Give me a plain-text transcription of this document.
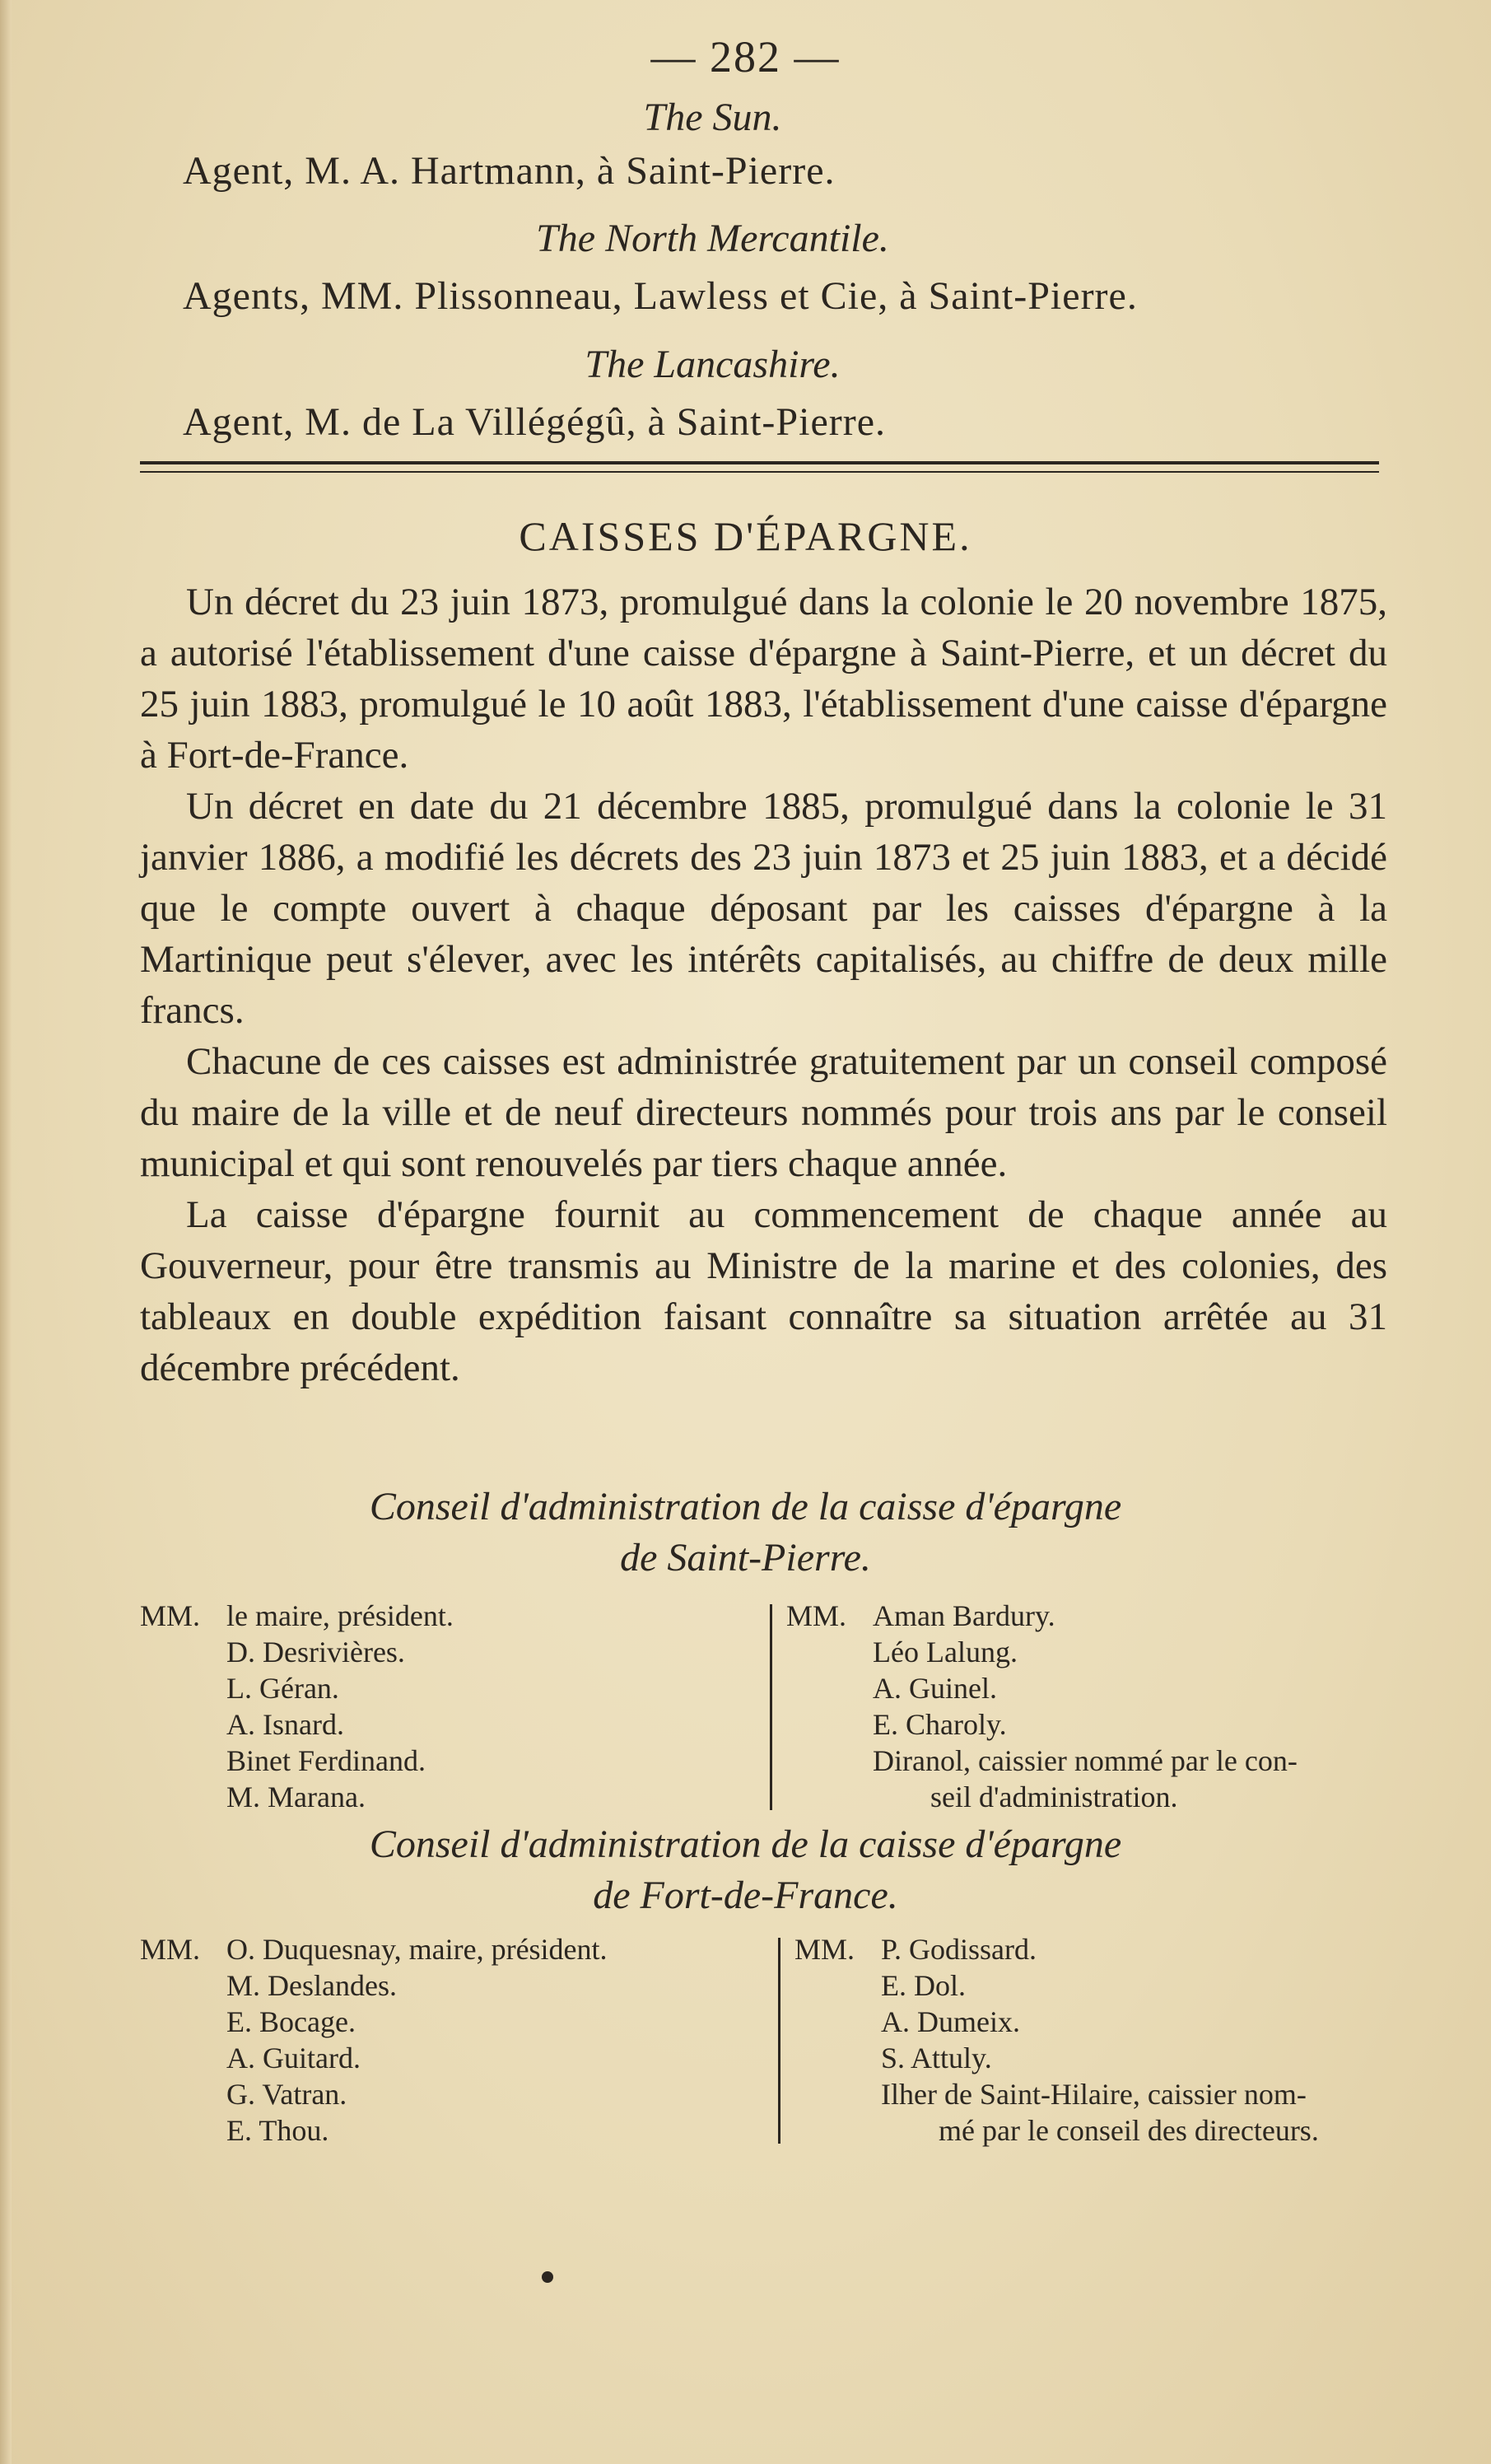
— 282 —
The Sun.
Agent, M. A. Hartmann, à Saint-Pierre.
The North Mercantile.
Agents, MM. Plissonneau, Lawless et Cie, à Saint-Pierre.
The Lancashire.
Agent, M. de La Villégégû, à Saint-Pierre.
CAISSES D'ÉPARGNE.

Un décret du 23 juin 1873, promulgué dans la colonie le 20 novembre 1875, a autorisé l'établissement d'une caisse d'épargne à Saint-Pierre, et un décret du 25 juin 1883, promulgué le 10 août 1883, l'établissement d'une caisse d'épargne à Fort-de-France.

Un décret en date du 21 décembre 1885, promulgué dans la colonie le 31 janvier 1886, a modifié les décrets des 23 juin 1873 et 25 juin 1883, et a décidé que le compte ouvert à chaque déposant par les caisses d'épargne à la Martinique peut s'élever, avec les intérêts capitalisés, au chiffre de deux mille francs.

Chacune de ces caisses est administrée gratuitement par un conseil composé du maire de la ville et de neuf directeurs nommés pour trois ans par le conseil municipal et qui sont renouvelés par tiers chaque année.

La caisse d'épargne fournit au commencement de chaque année au Gouverneur, pour être transmis au Ministre de la marine et des colonies, des tableaux en double expédition faisant connaître sa situation arrêtée au 31 décembre précédent.

Conseil d'administration de la caisse d'épargne
de Saint-Pierre.
MM. le maire, président.
D. Desrivières.
L. Géran.
A. Isnard.
Binet Ferdinand.
M. Marana.
MM. Aman Bardury.
Léo Lalung.
A. Guinel.
E. Charoly.
Diranol, caissier nommé par le con-
seil d'administration.
Conseil d'administration de la caisse d'épargne
de Fort-de-France.
MM. O. Duquesnay, maire, président.
M. Deslandes.
E. Bocage.
A. Guitard.
G. Vatran.
E. Thou.
MM. P. Godissard.
E. Dol.
A. Dumeix.
S. Attuly.
Ilher de Saint-Hilaire, caissier nom-
mé par le conseil des directeurs.
